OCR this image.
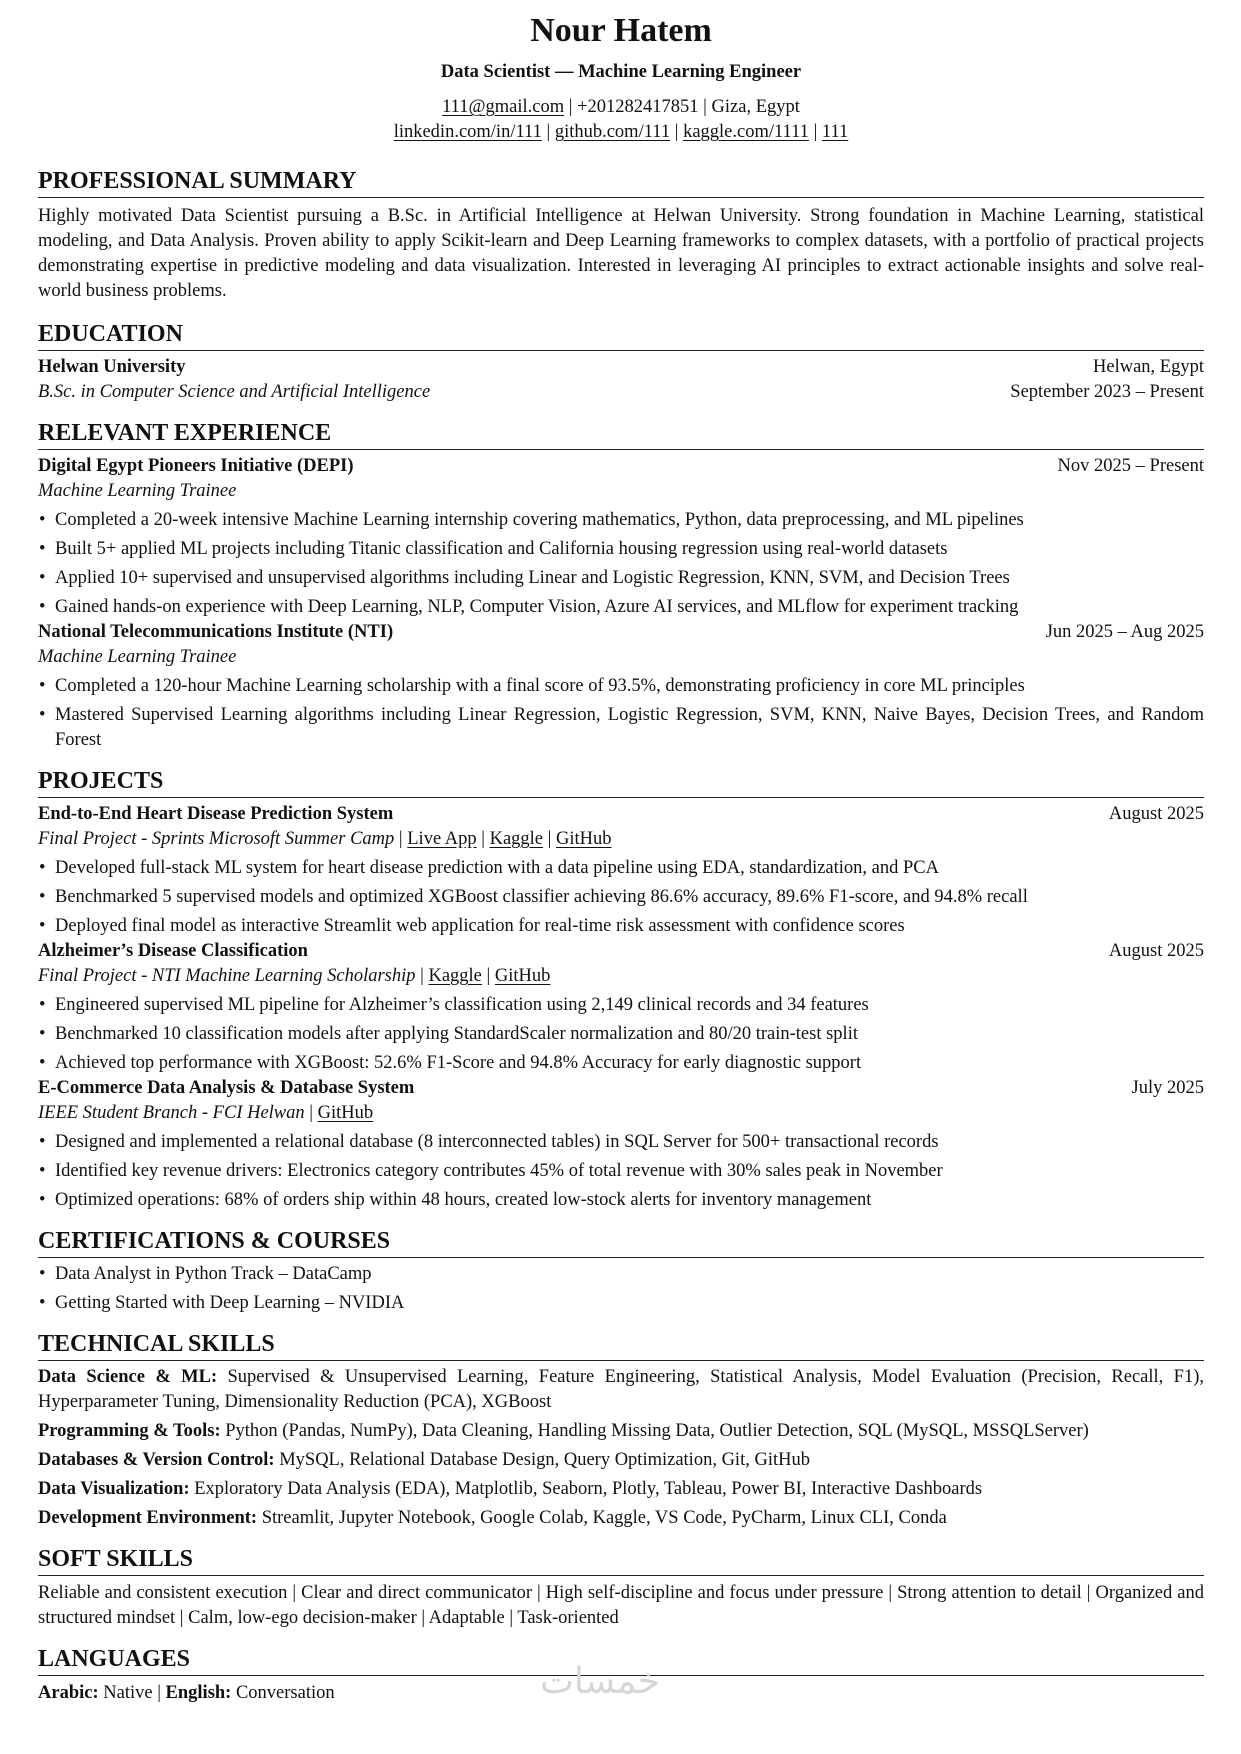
Nour Hatem
Data Scientist — Machine Learning Engineer
111@gmail.com | +201282417851 | Giza, Egypt
linkedin.com/in/111 | github.com/111 | kaggle.com/1111 | 111
PROFESSIONAL SUMMARY
Highly motivated Data Scientist pursuing a B.Sc. in Artificial Intelligence at Helwan University. Strong foundation in Machine Learning, statistical modeling, and Data Analysis. Proven ability to apply Scikit-learn and Deep Learning frameworks to complex datasets, with a portfolio of practical projects demonstrating expertise in predictive modeling and data visualization. Interested in leveraging AI principles to extract actionable insights and solve real-world business problems.
EDUCATION
Helwan University	Helwan, Egypt
B.Sc. in Computer Science and Artificial Intelligence	September 2023 – Present
RELEVANT EXPERIENCE
Digital Egypt Pioneers Initiative (DEPI)	Nov 2025 – Present
Machine Learning Trainee
• Completed a 20-week intensive Machine Learning internship covering mathematics, Python, data preprocessing, and ML pipelines
• Built 5+ applied ML projects including Titanic classification and California housing regression using real-world datasets
• Applied 10+ supervised and unsupervised algorithms including Linear and Logistic Regression, KNN, SVM, and Decision Trees
• Gained hands-on experience with Deep Learning, NLP, Computer Vision, Azure AI services, and MLflow for experiment tracking
National Telecommunications Institute (NTI)	Jun 2025 – Aug 2025
Machine Learning Trainee
• Completed a 120-hour Machine Learning scholarship with a final score of 93.5%, demonstrating proficiency in core ML principles
• Mastered Supervised Learning algorithms including Linear Regression, Logistic Regression, SVM, KNN, Naive Bayes, Decision Trees, and Random Forest
PROJECTS
End-to-End Heart Disease Prediction System	August 2025
Final Project - Sprints Microsoft Summer Camp | Live App | Kaggle | GitHub
• Developed full-stack ML system for heart disease prediction with a data pipeline using EDA, standardization, and PCA
• Benchmarked 5 supervised models and optimized XGBoost classifier achieving 86.6% accuracy, 89.6% F1-score, and 94.8% recall
• Deployed final model as interactive Streamlit web application for real-time risk assessment with confidence scores
Alzheimer’s Disease Classification	August 2025
Final Project - NTI Machine Learning Scholarship | Kaggle | GitHub
• Engineered supervised ML pipeline for Alzheimer’s classification using 2,149 clinical records and 34 features
• Benchmarked 10 classification models after applying StandardScaler normalization and 80/20 train-test split
• Achieved top performance with XGBoost: 52.6% F1-Score and 94.8% Accuracy for early diagnostic support
E-Commerce Data Analysis & Database System	July 2025
IEEE Student Branch - FCI Helwan | GitHub
• Designed and implemented a relational database (8 interconnected tables) in SQL Server for 500+ transactional records
• Identified key revenue drivers: Electronics category contributes 45% of total revenue with 30% sales peak in November
• Optimized operations: 68% of orders ship within 48 hours, created low-stock alerts for inventory management
CERTIFICATIONS & COURSES
• Data Analyst in Python Track – DataCamp
• Getting Started with Deep Learning – NVIDIA
TECHNICAL SKILLS
Data Science & ML: Supervised & Unsupervised Learning, Feature Engineering, Statistical Analysis, Model Evaluation (Precision, Recall, F1), Hyperparameter Tuning, Dimensionality Reduction (PCA), XGBoost
Programming & Tools: Python (Pandas, NumPy), Data Cleaning, Handling Missing Data, Outlier Detection, SQL (MySQL, MSSQLServer)
Databases & Version Control: MySQL, Relational Database Design, Query Optimization, Git, GitHub
Data Visualization: Exploratory Data Analysis (EDA), Matplotlib, Seaborn, Plotly, Tableau, Power BI, Interactive Dashboards
Development Environment: Streamlit, Jupyter Notebook, Google Colab, Kaggle, VS Code, PyCharm, Linux CLI, Conda
SOFT SKILLS
Reliable and consistent execution | Clear and direct communicator | High self-discipline and focus under pressure | Strong attention to detail | Organized and structured mindset | Calm, low-ego decision-maker | Adaptable | Task-oriented
LANGUAGES
Arabic: Native | English: Conversation	خمسات
